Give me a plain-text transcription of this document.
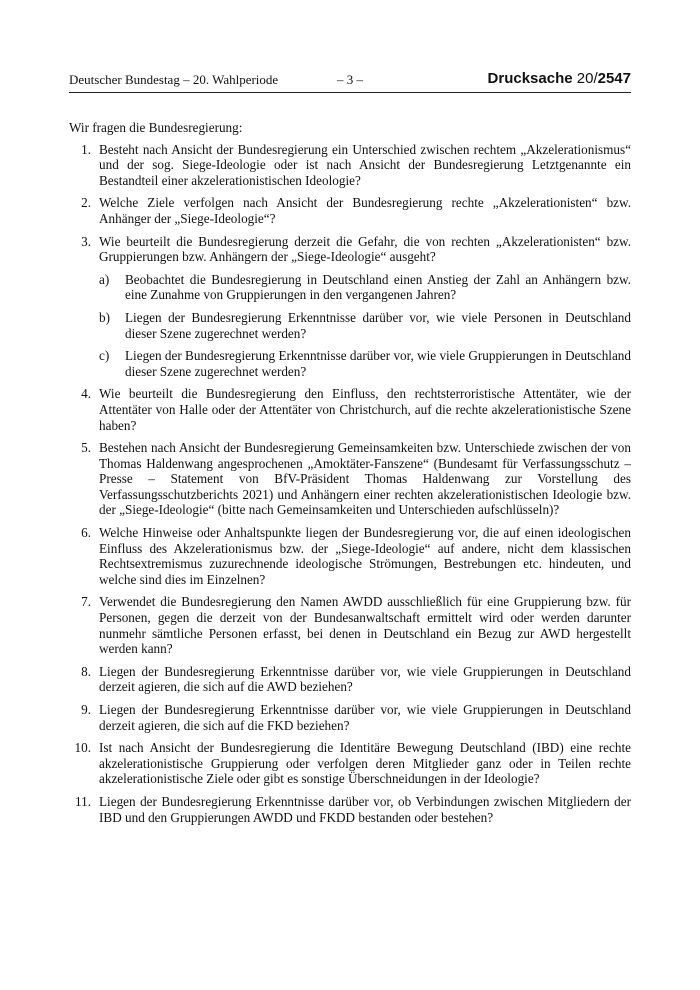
Deutscher Bundestag – 20. Wahlperiode	– 3 –	Drucksache 20/2547

Wir fragen die Bundesregierung:

1. Besteht nach Ansicht der Bundesregierung ein Unterschied zwischen rechtem „Akzelerationismus“ und der sog. Siege-Ideologie oder ist nach Ansicht der Bundesregierung Letztgenannte ein Bestandteil einer akzelerationistischen Ideologie?
2. Welche Ziele verfolgen nach Ansicht der Bundesregierung rechte „Akzelerationisten“ bzw. Anhänger der „Siege-Ideologie“?
3. Wie beurteilt die Bundesregierung derzeit die Gefahr, die von rechten „Akzelerationisten“ bzw. Gruppierungen bzw. Anhängern der „Siege-Ideologie“ ausgeht?
a) Beobachtet die Bundesregierung in Deutschland einen Anstieg der Zahl an Anhängern bzw. eine Zunahme von Gruppierungen in den vergangenen Jahren?
b) Liegen der Bundesregierung Erkenntnisse darüber vor, wie viele Personen in Deutschland dieser Szene zugerechnet werden?
c) Liegen der Bundesregierung Erkenntnisse darüber vor, wie viele Gruppierungen in Deutschland dieser Szene zugerechnet werden?
4. Wie beurteilt die Bundesregierung den Einfluss, den rechtsterroristische Attentäter, wie der Attentäter von Halle oder der Attentäter von Christchurch, auf die rechte akzelerationistische Szene haben?
5. Bestehen nach Ansicht der Bundesregierung Gemeinsamkeiten bzw. Unterschiede zwischen der von Thomas Haldenwang angesprochenen „Amoktäter-Fanszene“ (Bundesamt für Verfassungsschutz – Presse – Statement von BfV-Präsident Thomas Haldenwang zur Vorstellung des Verfassungsschutzberichts 2021) und Anhängern einer rechten akzelerationistischen Ideologie bzw. der „Siege-Ideologie“ (bitte nach Gemeinsamkeiten und Unterschieden aufschlüsseln)?
6. Welche Hinweise oder Anhaltspunkte liegen der Bundesregierung vor, die auf einen ideologischen Einfluss des Akzelerationismus bzw. der „Siege-Ideologie“ auf andere, nicht dem klassischen Rechtsextremismus zuzurechnende ideologische Strömungen, Bestrebungen etc. hindeuten, und welche sind dies im Einzelnen?
7. Verwendet die Bundesregierung den Namen AWDD ausschließlich für eine Gruppierung bzw. für Personen, gegen die derzeit von der Bundesanwaltschaft ermittelt wird oder werden darunter nunmehr sämtliche Personen erfasst, bei denen in Deutschland ein Bezug zur AWD hergestellt werden kann?
8. Liegen der Bundesregierung Erkenntnisse darüber vor, wie viele Gruppierungen in Deutschland derzeit agieren, die sich auf die AWD beziehen?
9. Liegen der Bundesregierung Erkenntnisse darüber vor, wie viele Gruppierungen in Deutschland derzeit agieren, die sich auf die FKD beziehen?
10. Ist nach Ansicht der Bundesregierung die Identitäre Bewegung Deutschland (IBD) eine rechte akzelerationistische Gruppierung oder verfolgen deren Mitglieder ganz oder in Teilen rechte akzelerationistische Ziele oder gibt es sonstige Überschneidungen in der Ideologie?
11. Liegen der Bundesregierung Erkenntnisse darüber vor, ob Verbindungen zwischen Mitgliedern der IBD und den Gruppierungen AWDD und FKDD bestanden oder bestehen?
